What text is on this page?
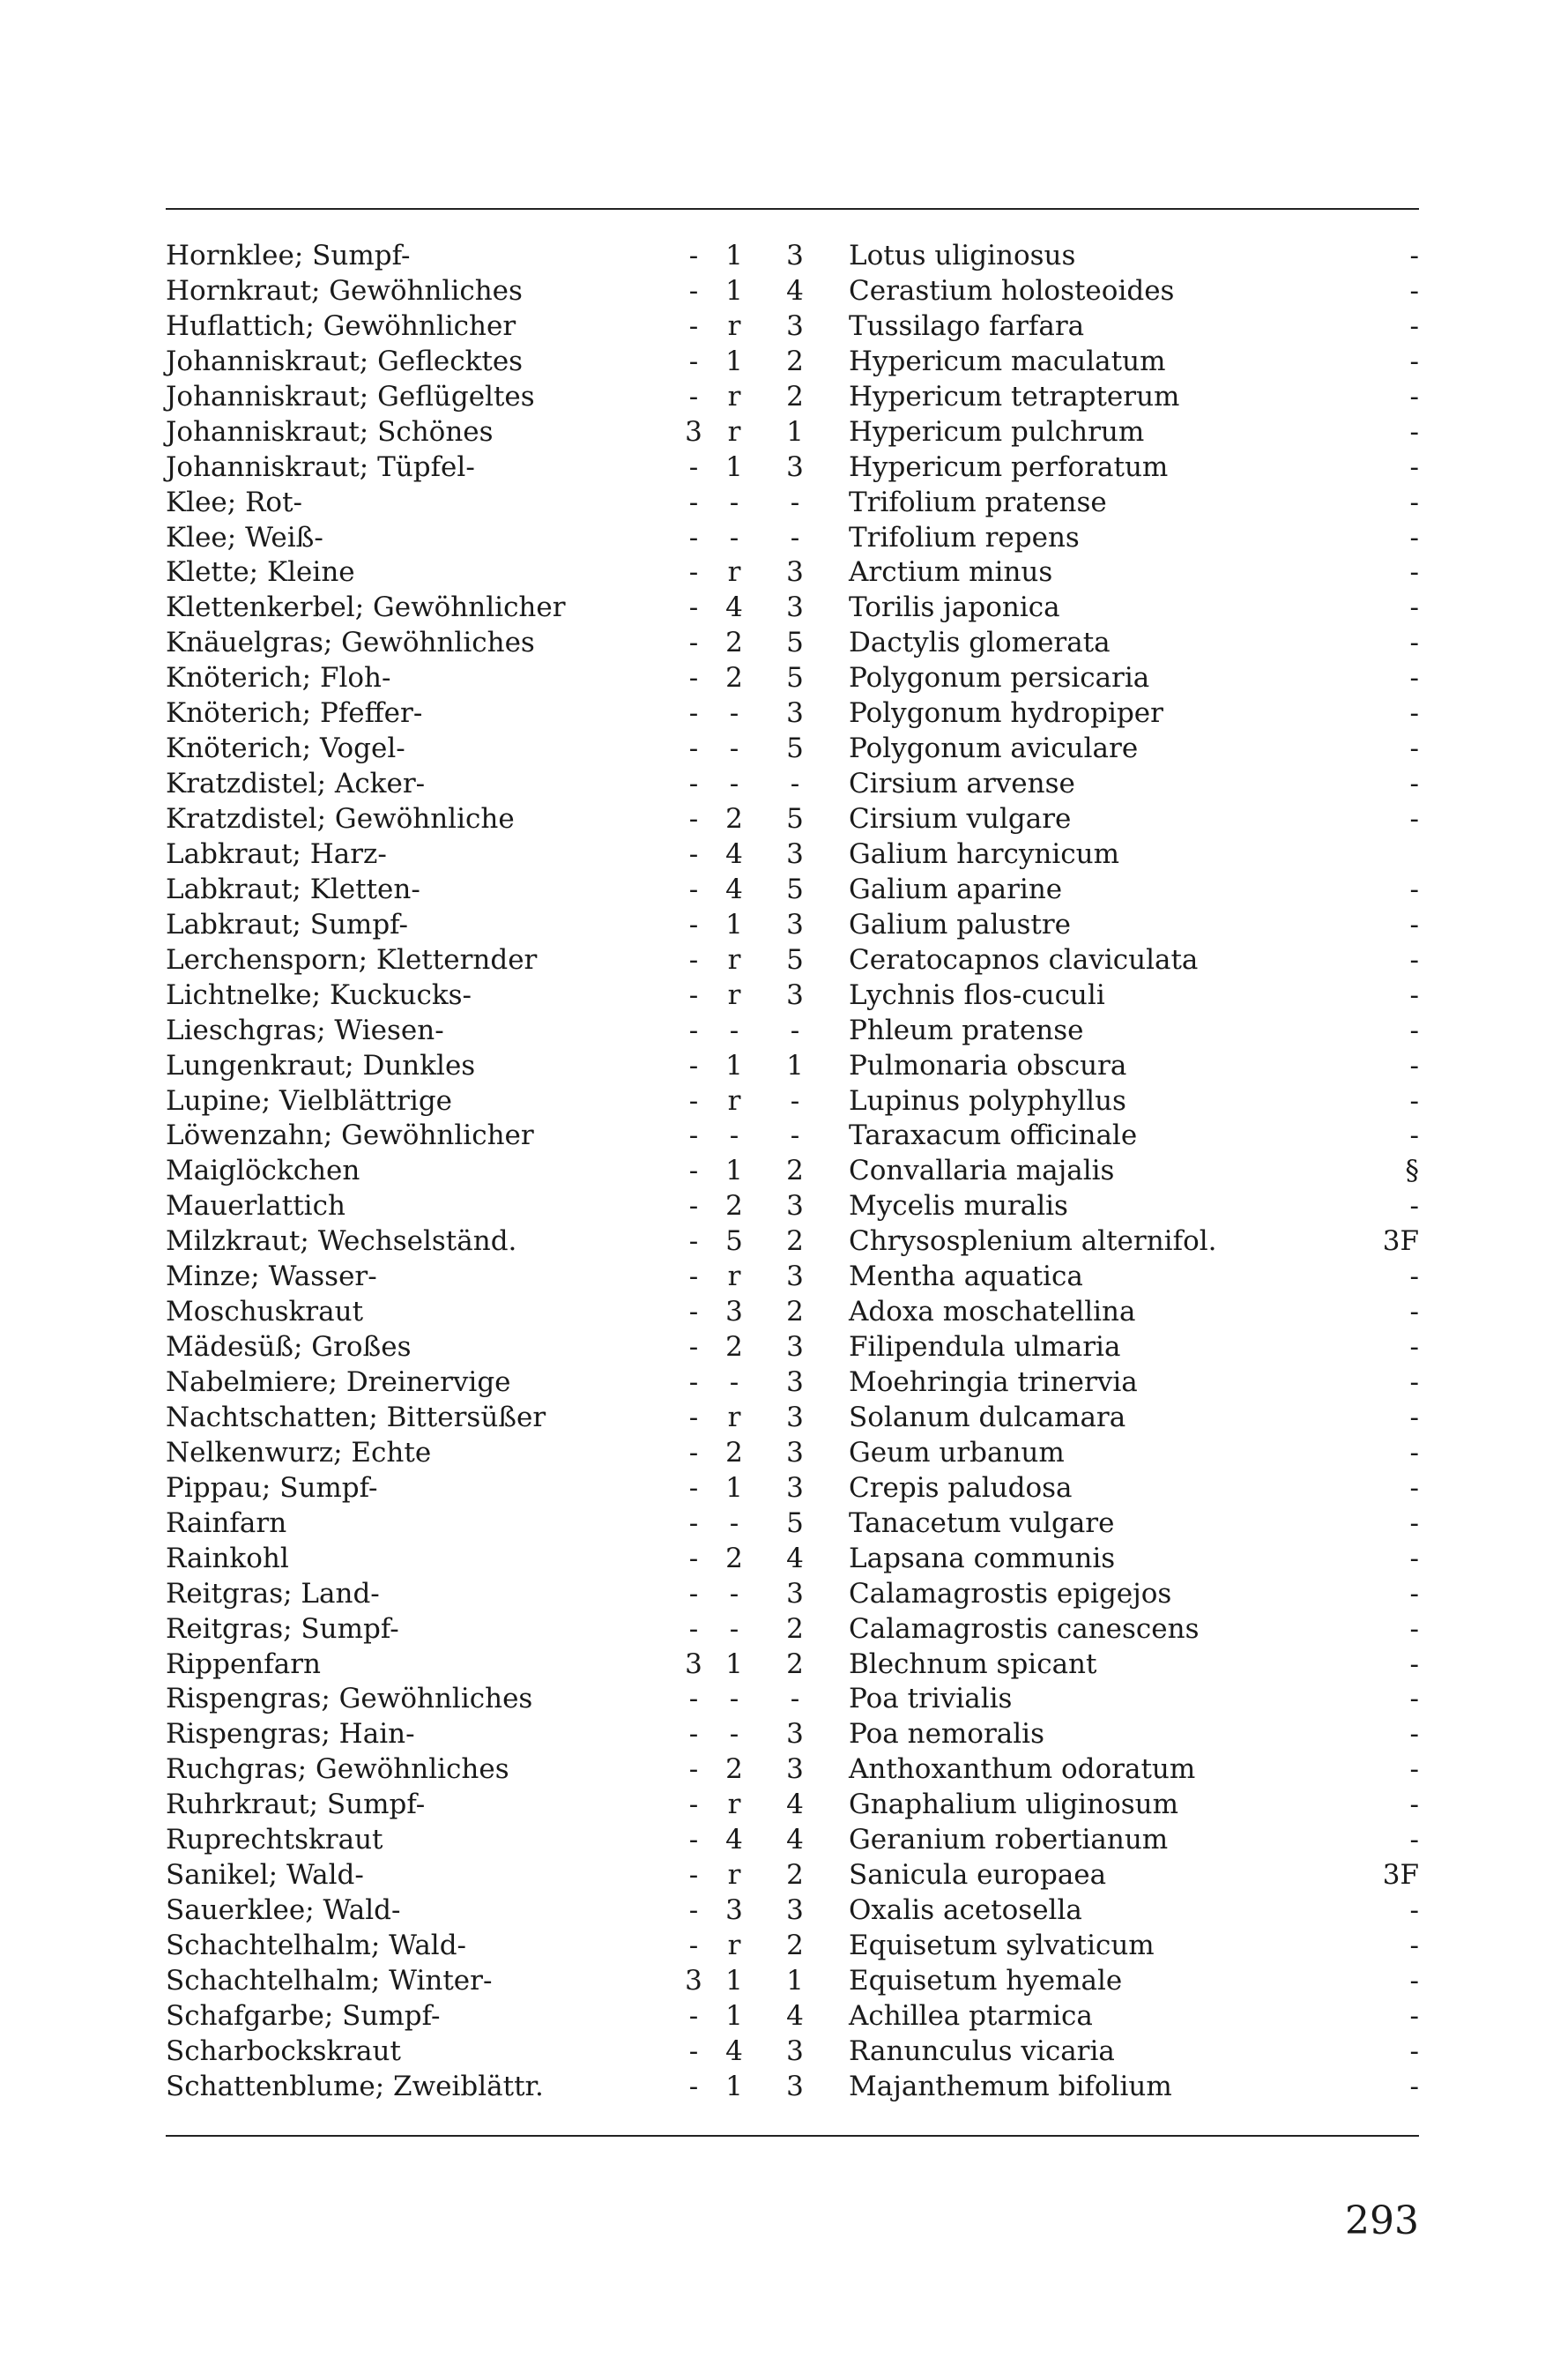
Hornklee; Sumpf-	- 1 3 Lotus uliginosus	-
Hornkraut; Gewöhnliches	- 1 4 Cerastium holosteoides	-
Huflattich; Gewöhnlicher	- r 3 Tussilago farfara	-
Johanniskraut; Geflecktes	- 1 2 Hypericum maculatum	-
Johanniskraut; Geflügeltes	- r 2 Hypericum tetrapterum	-
Johanniskraut; Schönes	3 r 1 Hypericum pulchrum	-
Johanniskraut; Tüpfel-	- 1 3 Hypericum perforatum	-
Klee; Rot-	- - - Trifolium pratense	-
Klee; Weiß-	- - - Trifolium repens	-
Klette; Kleine	- r 3 Arctium minus	-
Klettenkerbel; Gewöhnlicher	- 4 3 Torilis japonica	-
Knäuelgras; Gewöhnliches	- 2 5 Dactylis glomerata	-
Knöterich; Floh-	- 2 5 Polygonum persicaria	-
Knöterich; Pfeffer-	- - 3 Polygonum hydropiper	-
Knöterich; Vogel-	- - 5 Polygonum aviculare	-
Kratzdistel; Acker-	- - - Cirsium arvense	-
Kratzdistel; Gewöhnliche	- 2 5 Cirsium vulgare	-
Labkraut; Harz-	- 4 3 Galium harcynicum
Labkraut; Kletten-	- 4 5 Galium aparine	-
Labkraut; Sumpf-	- 1 3 Galium palustre	-
Lerchensporn; Kletternder	- r 5 Ceratocapnos claviculata	-
Lichtnelke; Kuckucks-	- r 3 Lychnis flos-cuculi	-
Lieschgras; Wiesen-	- - - Phleum pratense	-
Lungenkraut; Dunkles	- 1 1 Pulmonaria obscura	-
Lupine; Vielblättrige	- r - Lupinus polyphyllus	-
Löwenzahn; Gewöhnlicher	- - - Taraxacum officinale	-
Maiglöckchen	- 1 2 Convallaria majalis	§
Mauerlattich	- 2 3 Mycelis muralis	-
Milzkraut; Wechselständ.	- 5 2 Chrysosplenium alternifol.	3F
Minze; Wasser-	- r 3 Mentha aquatica	-
Moschuskraut	- 3 2 Adoxa moschatellina	-
Mädesüß; Großes	- 2 3 Filipendula ulmaria	-
Nabelmiere; Dreinervige	- - 3 Moehringia trinervia	-
Nachtschatten; Bittersüßer	- r 3 Solanum dulcamara	-
Nelkenwurz; Echte	- 2 3 Geum urbanum	-
Pippau; Sumpf-	- 1 3 Crepis paludosa	-
Rainfarn	- - 5 Tanacetum vulgare	-
Rainkohl	- 2 4 Lapsana communis	-
Reitgras; Land-	- - 3 Calamagrostis epigejos	-
Reitgras; Sumpf-	- - 2 Calamagrostis canescens	-
Rippenfarn	3 1 2 Blechnum spicant	-
Rispengras; Gewöhnliches	- - - Poa trivialis	-
Rispengras; Hain-	- - 3 Poa nemoralis	-
Ruchgras; Gewöhnliches	- 2 3 Anthoxanthum odoratum	-
Ruhrkraut; Sumpf-	- r 4 Gnaphalium uliginosum	-
Ruprechtskraut	- 4 4 Geranium robertianum	-
Sanikel; Wald-	- r 2 Sanicula europaea	3F
Sauerklee; Wald-	- 3 3 Oxalis acetosella	-
Schachtelhalm; Wald-	- r 2 Equisetum sylvaticum	-
Schachtelhalm; Winter-	3 1 1 Equisetum hyemale	-
Schafgarbe; Sumpf-	- 1 4 Achillea ptarmica	-
Scharbockskraut	- 4 3 Ranunculus vicaria	-
Schattenblume; Zweiblättr.	- 1 3 Majanthemum bifolium	-
293
